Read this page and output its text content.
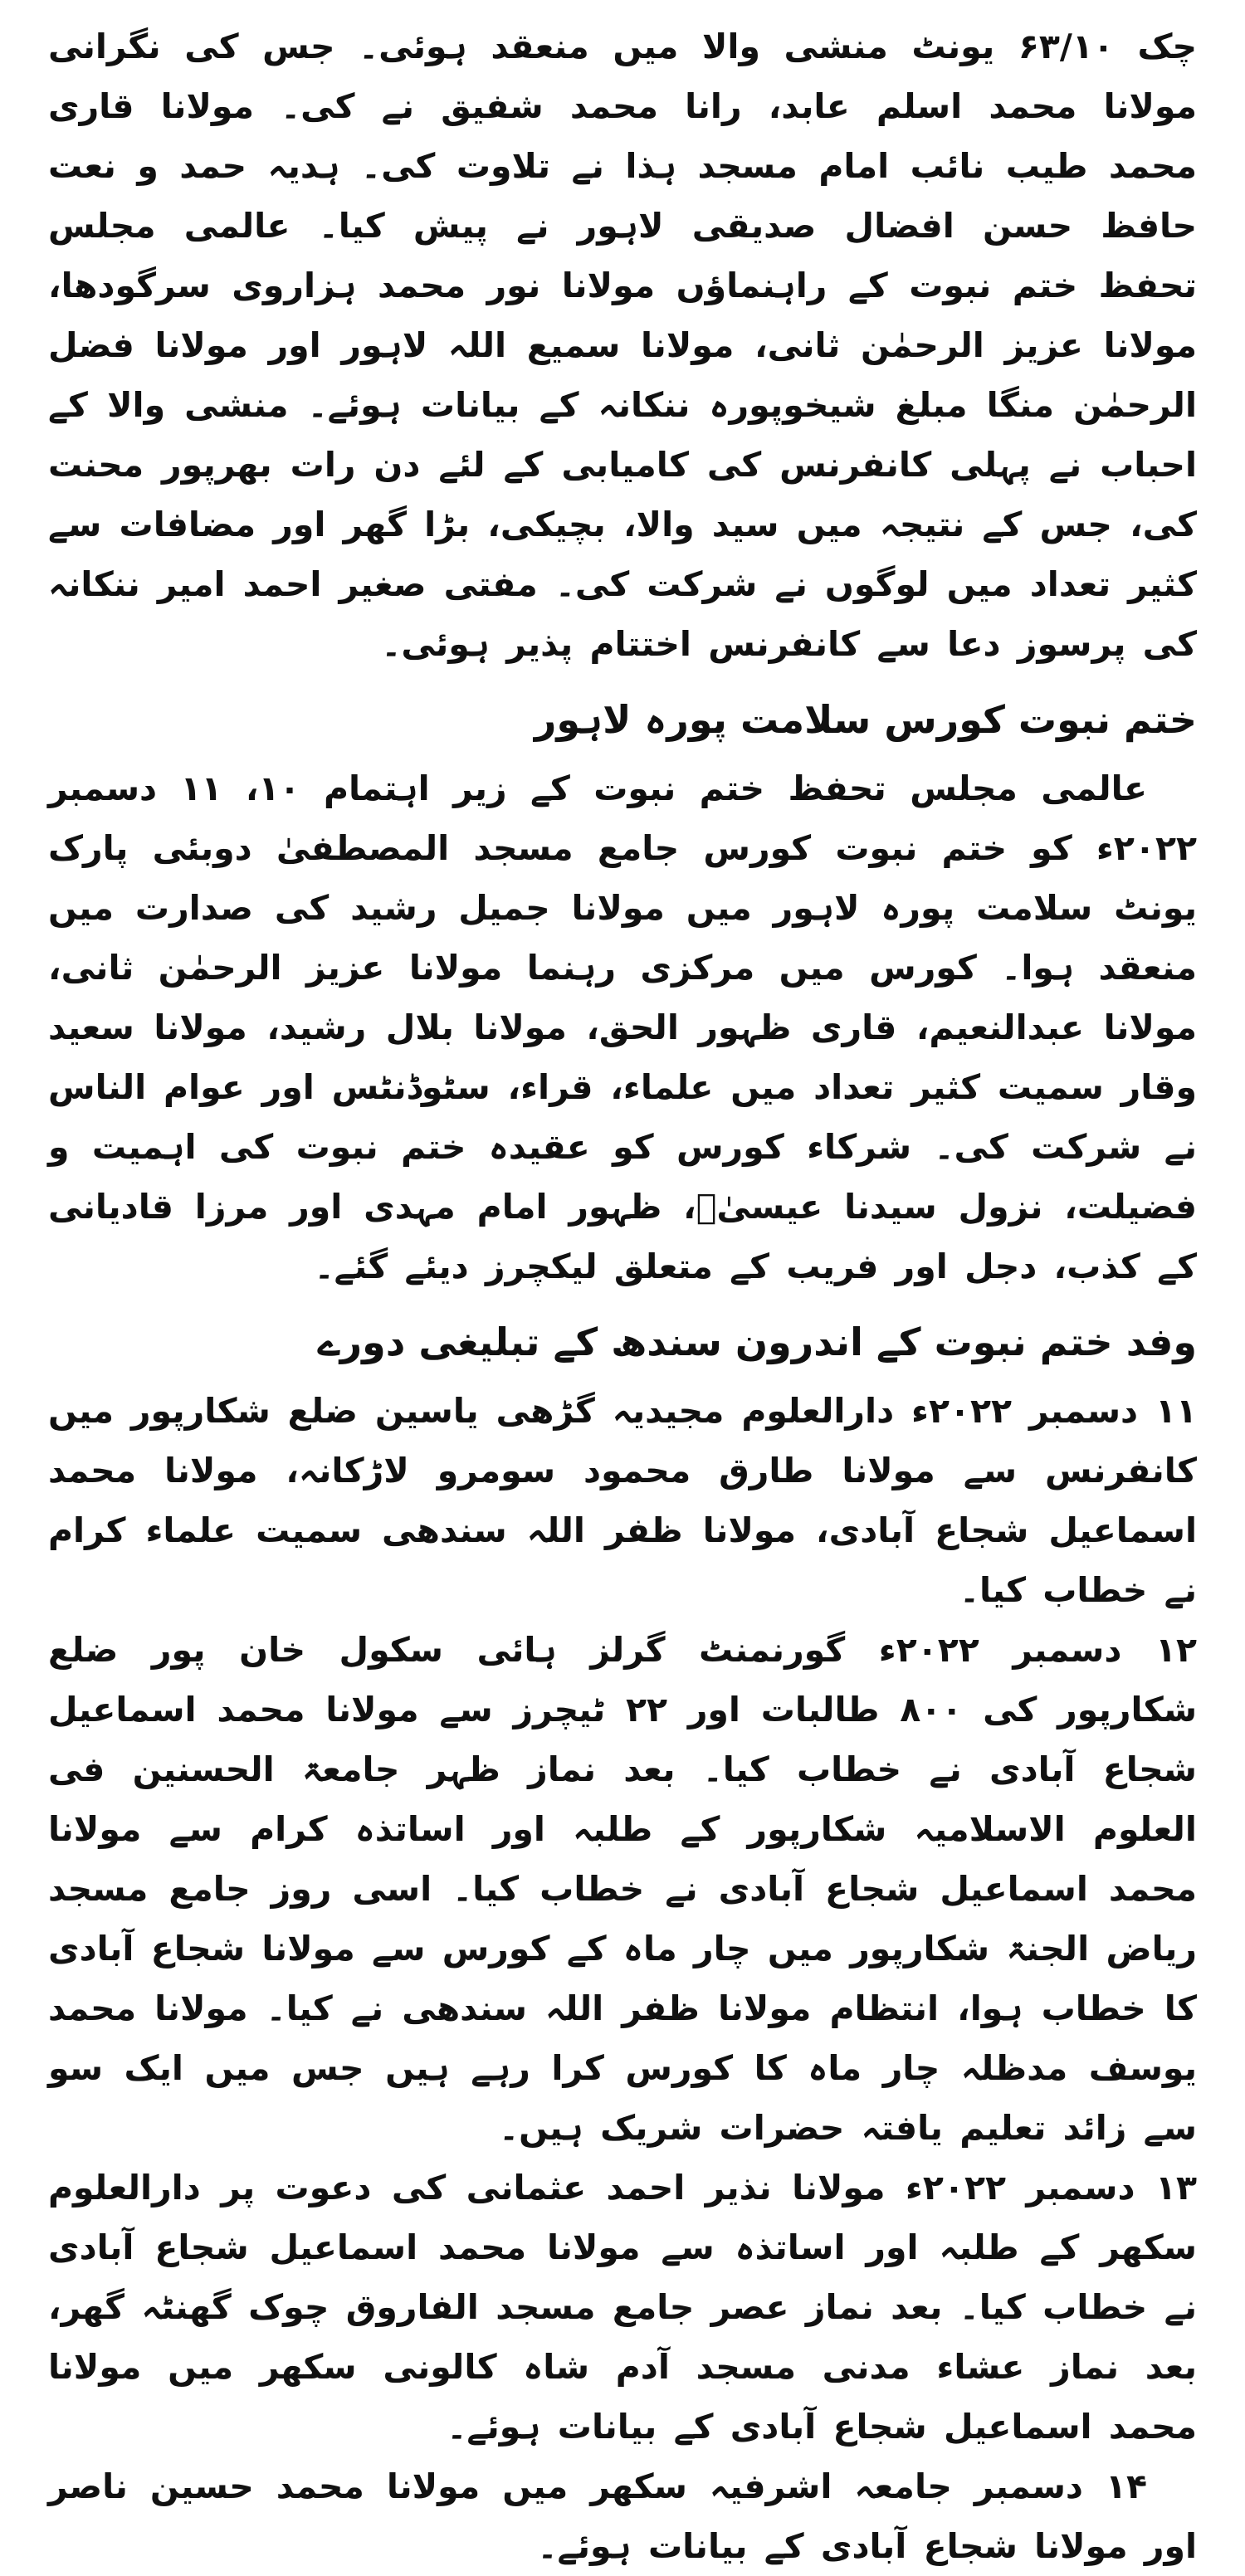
چک ۶۳/۱۰ یونٹ منشی والا میں منعقد ہوئی۔ جس کی نگرانی مولانا محمد اسلم عابد، رانا محمد شفیق نے کی۔ مولانا قاری محمد طیب نائب امام مسجد ہذا نے تلاوت کی۔ ہدیہ حمد و نعت حافظ حسن افضال صدیقی لاہور نے پیش کیا۔ عالمی مجلس تحفظ ختم نبوت کے راہنماؤں مولانا نور محمد ہزاروی سرگودھا، مولانا عزیز الرحمٰن ثانی، مولانا سمیع اللہ لاہور اور مولانا فضل الرحمٰن منگا مبلغ شیخوپورہ ننکانہ کے بیانات ہوئے۔ منشی والا کے احباب نے پہلی کانفرنس کی کامیابی کے لئے دن رات بھرپور محنت کی، جس کے نتیجہ میں سید والا، بچیکی، بڑا گھر اور مضافات سے کثیر تعداد میں لوگوں نے شرکت کی۔ مفتی صغیر احمد امیر ننکانہ کی پرسوز دعا سے کانفرنس اختتام پذیر ہوئی۔

ختم نبوت کورس سلامت پورہ لاہور

عالمی مجلس تحفظ ختم نبوت کے زیر اہتمام ۱۰، ۱۱ دسمبر ۲۰۲۲ء کو ختم نبوت کورس جامع مسجد المصطفیٰ دوبئی پارک یونٹ سلامت پورہ لاہور میں مولانا جمیل رشید کی صدارت میں منعقد ہوا۔ کورس میں مرکزی رہنما مولانا عزیز الرحمٰن ثانی، مولانا عبدالنعیم، قاری ظہور الحق، مولانا بلال رشید، مولانا سعید وقار سمیت کثیر تعداد میں علماء، قراء، سٹوڈنٹس اور عوام الناس نے شرکت کی۔ شرکاء کورس کو عقیدہ ختم نبوت کی اہمیت و فضیلت، نزول سیدنا عیسیٰؑ، ظہور امام مہدی اور مرزا قادیانی کے کذب، دجل اور فریب کے متعلق لیکچرز دیئے گئے۔

وفد ختم نبوت کے اندرون سندھ کے تبلیغی دورے

۱۱ دسمبر ۲۰۲۲ء دارالعلوم مجیدیہ گڑھی یاسین ضلع شکارپور میں کانفرنس سے مولانا طارق محمود سومرو لاڑکانہ، مولانا محمد اسماعیل شجاع آبادی، مولانا ظفر اللہ سندھی سمیت علماء کرام نے خطاب کیا۔

۱۲ دسمبر ۲۰۲۲ء گورنمنٹ گرلز ہائی سکول خان پور ضلع شکارپور کی ۸۰۰ طالبات اور ۲۲ ٹیچرز سے مولانا محمد اسماعیل شجاع آبادی نے خطاب کیا۔ بعد نماز ظہر جامعۃ الحسنین فی العلوم الاسلامیہ شکارپور کے طلبہ اور اساتذہ کرام سے مولانا محمد اسماعیل شجاع آبادی نے خطاب کیا۔ اسی روز جامع مسجد ریاض الجنۃ شکارپور میں چار ماہ کے کورس سے مولانا شجاع آبادی کا خطاب ہوا، انتظام مولانا ظفر اللہ سندھی نے کیا۔ مولانا محمد یوسف مدظلہ چار ماہ کا کورس کرا رہے ہیں جس میں ایک سو سے زائد تعلیم یافتہ حضرات شریک ہیں۔

۱۳ دسمبر ۲۰۲۲ء مولانا نذیر احمد عثمانی کی دعوت پر دارالعلوم سکھر کے طلبہ اور اساتذہ سے مولانا محمد اسماعیل شجاع آبادی نے خطاب کیا۔ بعد نماز عصر جامع مسجد الفاروق چوک گھنٹہ گھر، بعد نماز عشاء مدنی مسجد آدم شاہ کالونی سکھر میں مولانا محمد اسماعیل شجاع آبادی کے بیانات ہوئے۔

۱۴ دسمبر جامعہ اشرفیہ سکھر میں مولانا محمد حسین ناصر اور مولانا شجاع آبادی کے بیانات ہوئے۔
